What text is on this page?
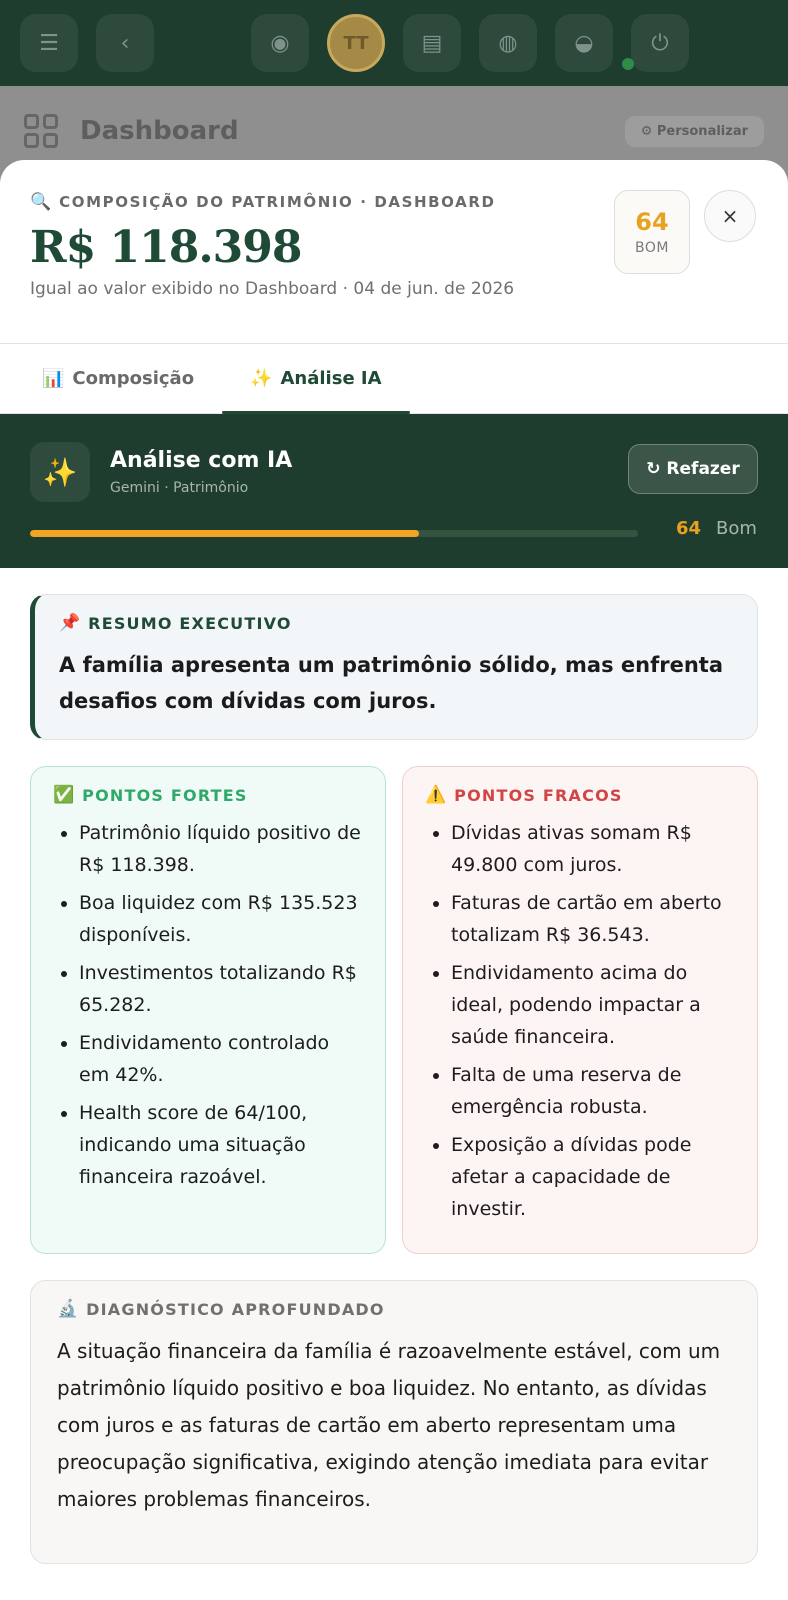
☰	‹	◉	TT	▤	◍	◒	⏻
Dashboard	⚙ Personalizar
🔍 COMPOSIÇÃO DO PATRIMÔNIO · DASHBOARD
R$ 118.398
Igual ao valor exibido no Dashboard · 04 de jun. de 2026
64
BOM
×
📊 Composição	✨ Análise IA
✨	Análise com IA
Gemini · Patrimônio
↻ Refazer
64 Bom
📌 RESUMO EXECUTIVO
A família apresenta um patrimônio sólido, mas enfrenta desafios com dívidas com juros.
✅ PONTOS FORTES
• Patrimônio líquido positivo de R$ 118.398.
• Boa liquidez com R$ 135.523 disponíveis.
• Investimentos totalizando R$ 65.282.
• Endividamento controlado em 42%.
• Health score de 64/100, indicando uma situação financeira razoável.
⚠️ PONTOS FRACOS
• Dívidas ativas somam R$ 49.800 com juros.
• Faturas de cartão em aberto totalizam R$ 36.543.
• Endividamento acima do ideal, podendo impactar a saúde financeira.
• Falta de uma reserva de emergência robusta.
• Exposição a dívidas pode afetar a capacidade de investir.
🔬 DIAGNÓSTICO APROFUNDADO
A situação financeira da família é razoavelmente estável, com um patrimônio líquido positivo e boa liquidez. No entanto, as dívidas com juros e as faturas de cartão em aberto representam uma preocupação significativa, exigindo atenção imediata para evitar maiores problemas financeiros.
